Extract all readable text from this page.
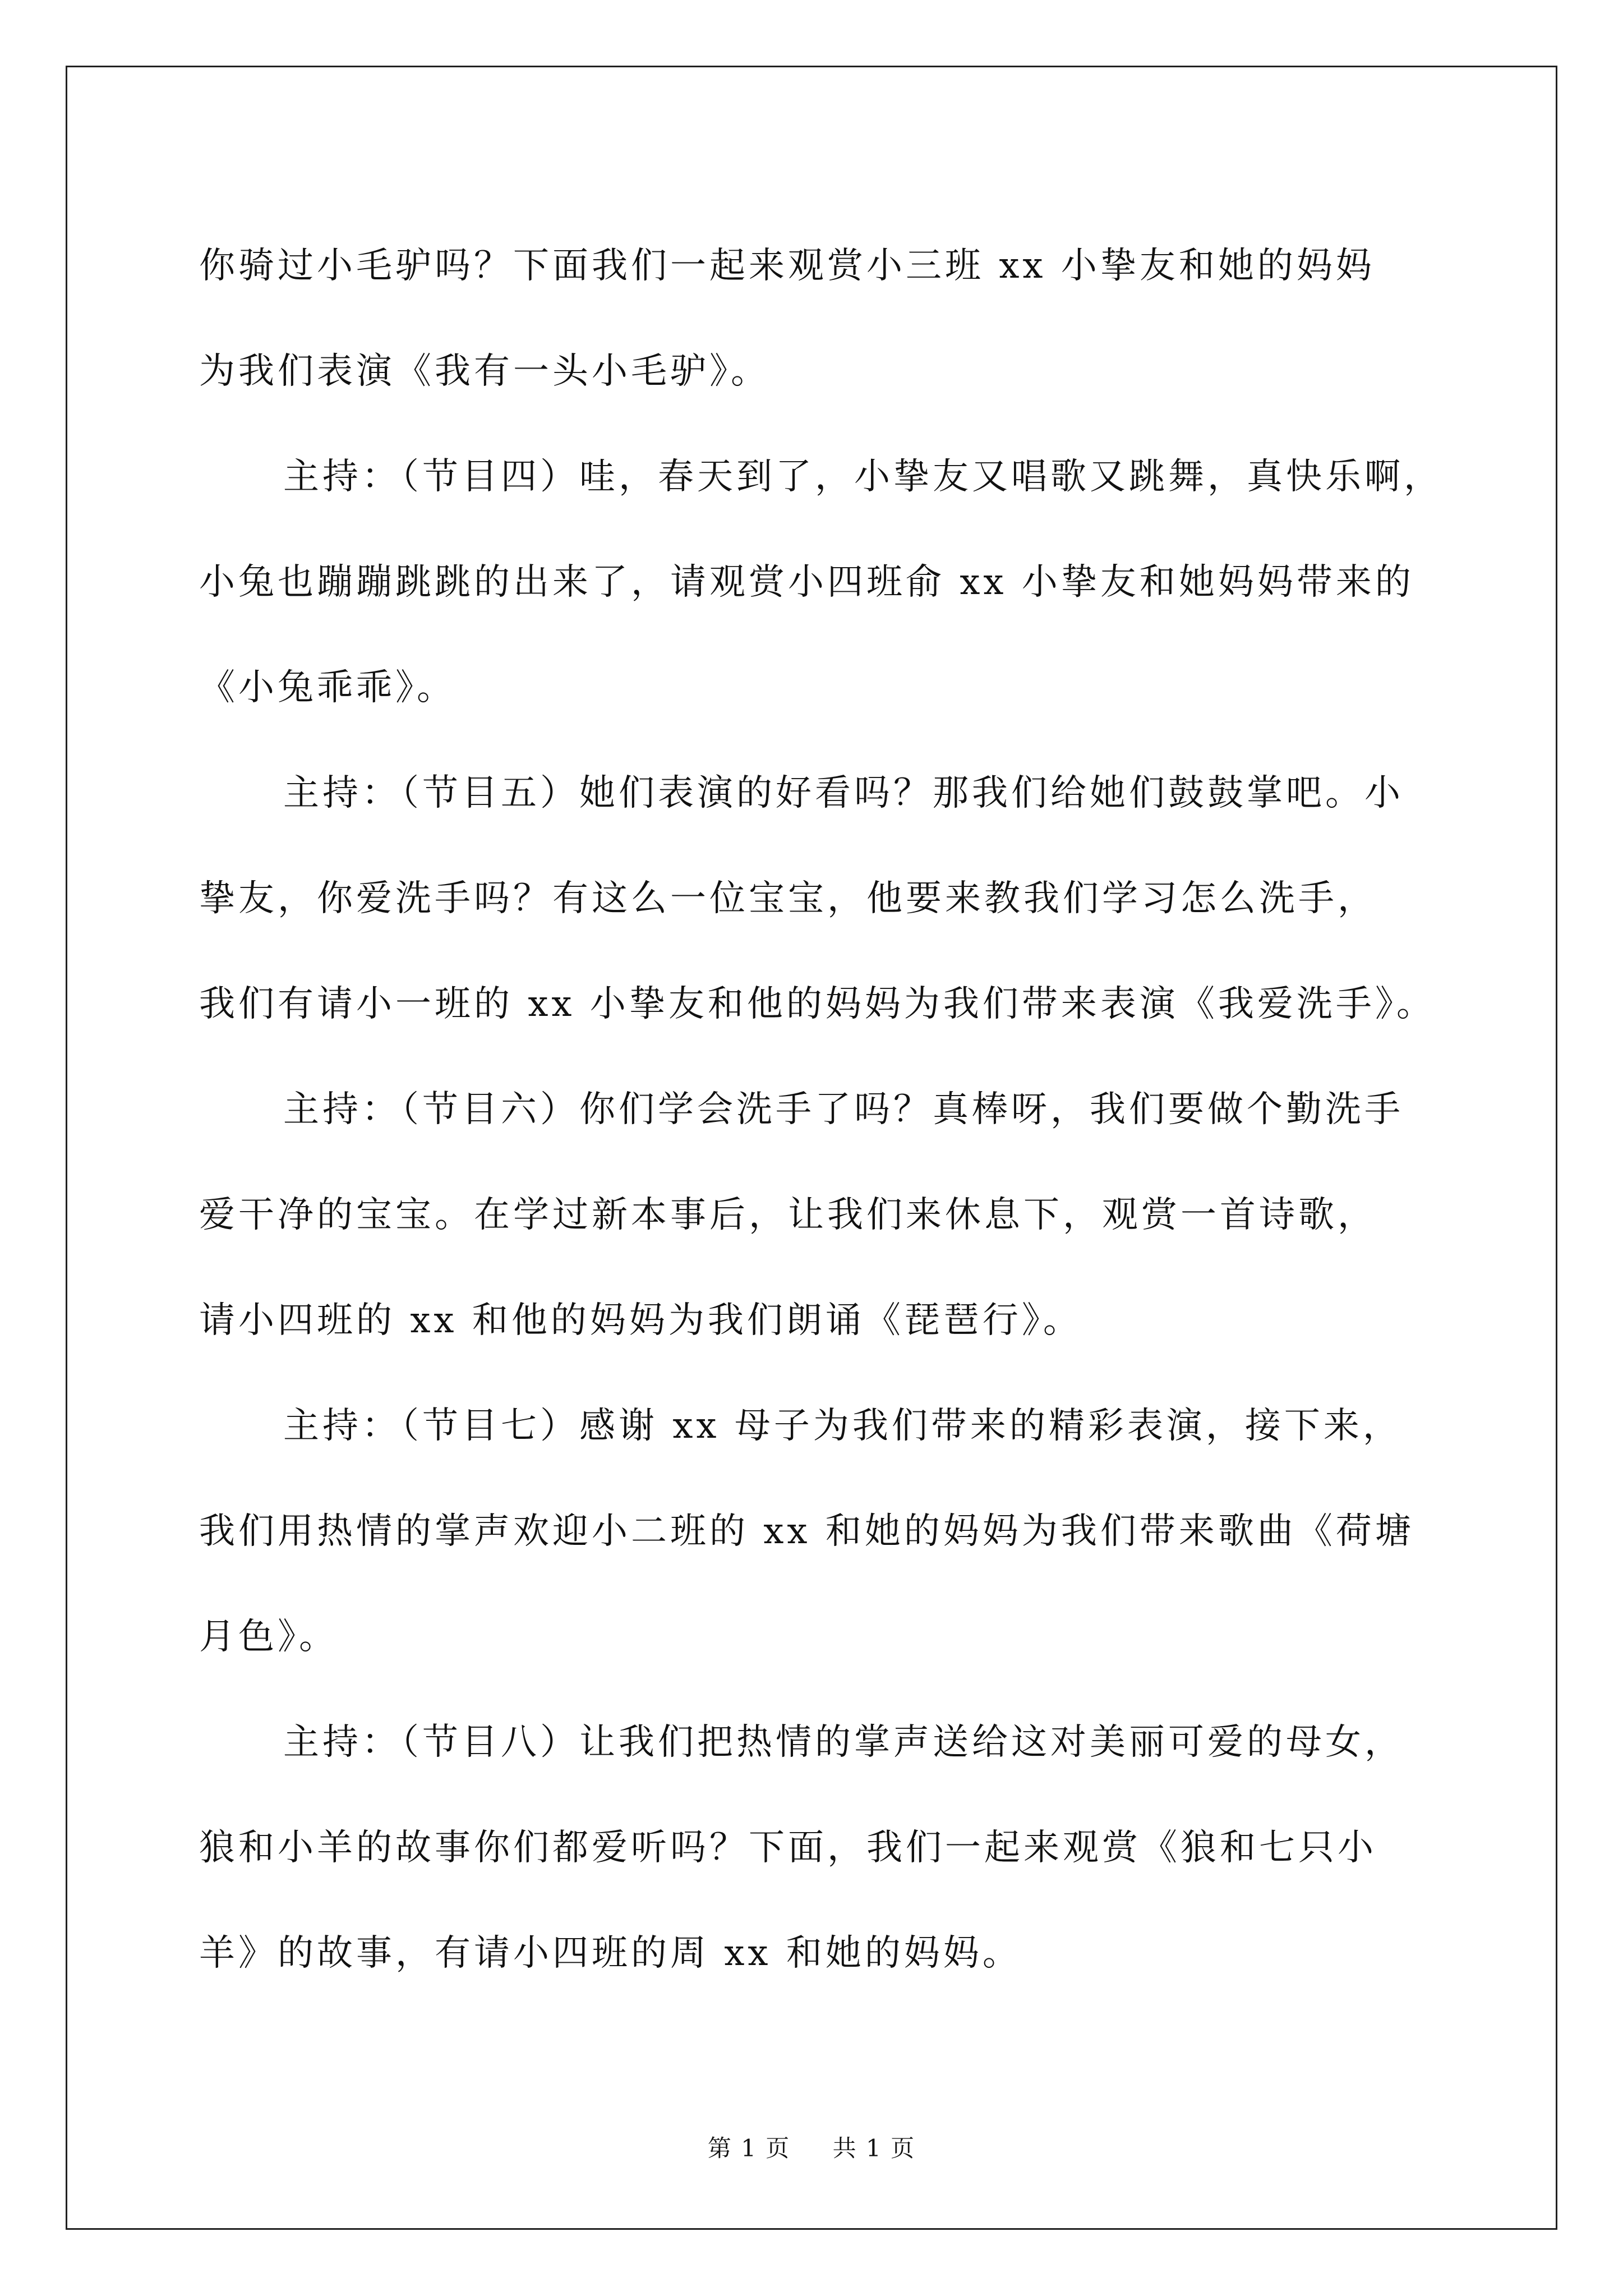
你骑过小毛驴吗？下面我们一起来观赏小三班 xx 小挚友和她的妈妈
为我们表演《我有一头小毛驴》。

主持：（节目四）哇，春天到了，小挚友又唱歌又跳舞，真快乐啊，
小兔也蹦蹦跳跳的出来了，请观赏小四班俞 xx 小挚友和她妈妈带来的
《小兔乖乖》。

主持：（节目五）她们表演的好看吗？那我们给她们鼓鼓掌吧。小
挚友，你爱洗手吗？有这么一位宝宝，他要来教我们学习怎么洗手，
我们有请小一班的 xx 小挚友和他的妈妈为我们带来表演《我爱洗手》。

主持：（节目六）你们学会洗手了吗？真棒呀，我们要做个勤洗手
爱干净的宝宝。在学过新本事后，让我们来休息下，观赏一首诗歌，
请小四班的 xx 和他的妈妈为我们朗诵《琵琶行》。

主持：（节目七）感谢 xx 母子为我们带来的精彩表演，接下来，
我们用热情的掌声欢迎小二班的 xx 和她的妈妈为我们带来歌曲《荷塘
月色》。

主持：（节目八）让我们把热情的掌声送给这对美丽可爱的母女，
狼和小羊的故事你们都爱听吗？下面，我们一起来观赏《狼和七只小
羊》的故事，有请小四班的周 xx 和她的妈妈。

第 1 页 共 1 页
